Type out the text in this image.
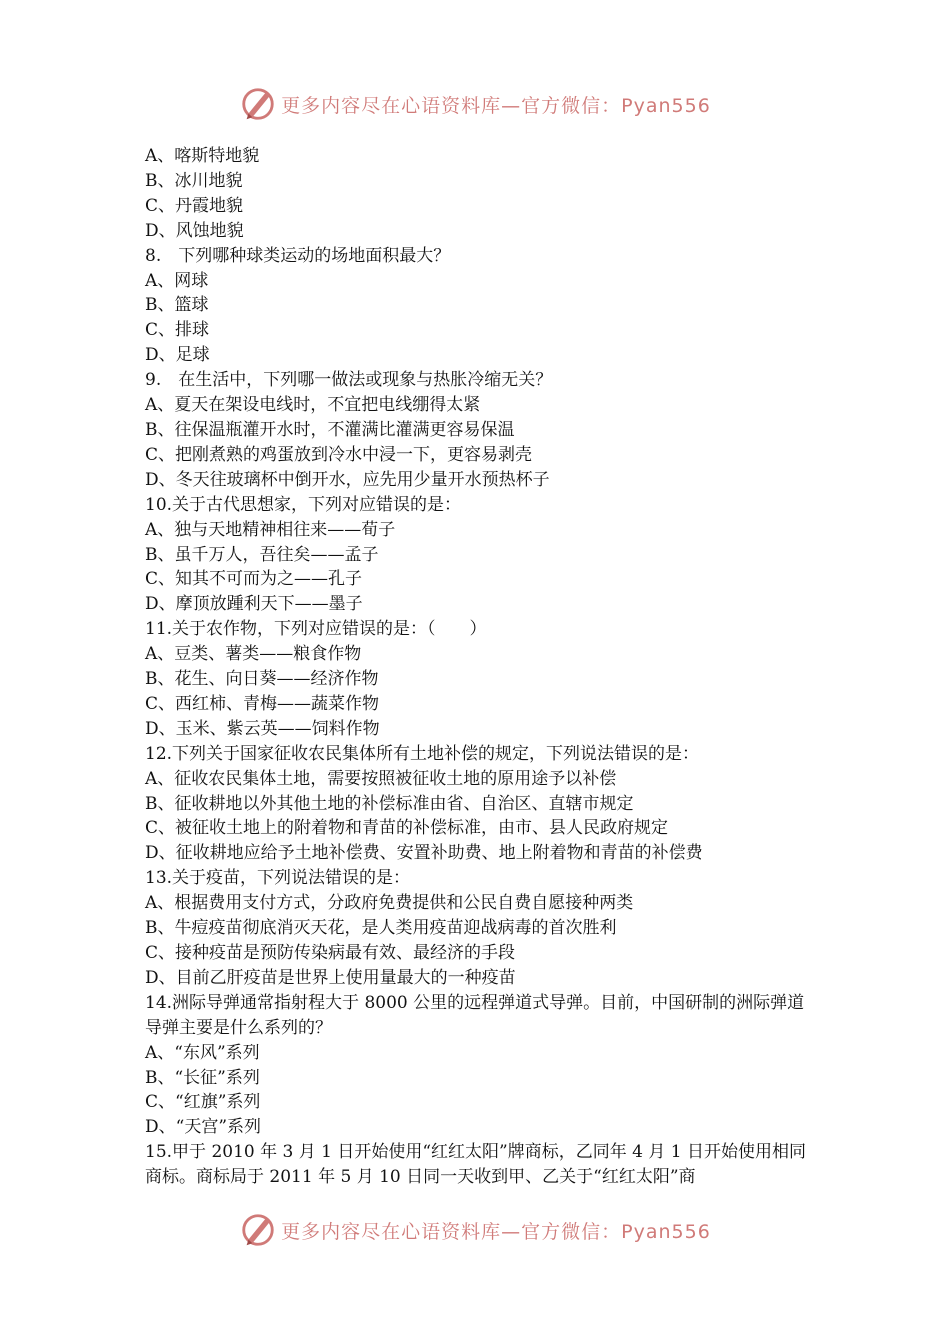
更多内容尽在心语资料库—官方微信：Pyan556
A、喀斯特地貌
B、冰川地貌
C、丹霞地貌
D、风蚀地貌
8.　下列哪种球类运动的场地面积最大？
A、网球
B、篮球
C、排球
D、足球
9.　在生活中，下列哪一做法或现象与热胀冷缩无关？
A、夏天在架设电线时，不宜把电线绷得太紧
B、往保温瓶灌开水时，不灌满比灌满更容易保温
C、把刚煮熟的鸡蛋放到冷水中浸一下，更容易剥壳
D、冬天往玻璃杯中倒开水，应先用少量开水预热杯子
10.关于古代思想家，下列对应错误的是：
A、独与天地精神相往来——荀子
B、虽千万人，吾往矣——孟子
C、知其不可而为之——孔子
D、摩顶放踵利天下——墨子
11.关于农作物，下列对应错误的是：（　　）
A、豆类、薯类——粮食作物
B、花生、向日葵——经济作物
C、西红柿、青梅——蔬菜作物
D、玉米、紫云英——饲料作物
12.下列关于国家征收农民集体所有土地补偿的规定，下列说法错误的是：
A、征收农民集体土地，需要按照被征收土地的原用途予以补偿
B、征收耕地以外其他土地的补偿标准由省、自治区、直辖市规定
C、被征收土地上的附着物和青苗的补偿标准，由市、县人民政府规定
D、征收耕地应给予土地补偿费、安置补助费、地上附着物和青苗的补偿费
13.关于疫苗，下列说法错误的是：
A、根据费用支付方式，分政府免费提供和公民自费自愿接种两类
B、牛痘疫苗彻底消灭天花，是人类用疫苗迎战病毒的首次胜利
C、接种疫苗是预防传染病最有效、最经济的手段
D、目前乙肝疫苗是世界上使用量最大的一种疫苗
14.洲际导弹通常指射程大于 8000 公里的远程弹道式导弹。目前，中国研制的洲际弹道导弹主要是什么系列的？
A、“东风”系列
B、“长征”系列
C、“红旗”系列
D、“天宫”系列
15.甲于 2010 年 3 月 1 日开始使用“红红太阳”牌商标，乙同年 4 月 1 日开始使用相同商标。商标局于 2011 年 5 月 10 日同一天收到甲、乙关于“红红太阳”商
更多内容尽在心语资料库—官方微信：Pyan556
